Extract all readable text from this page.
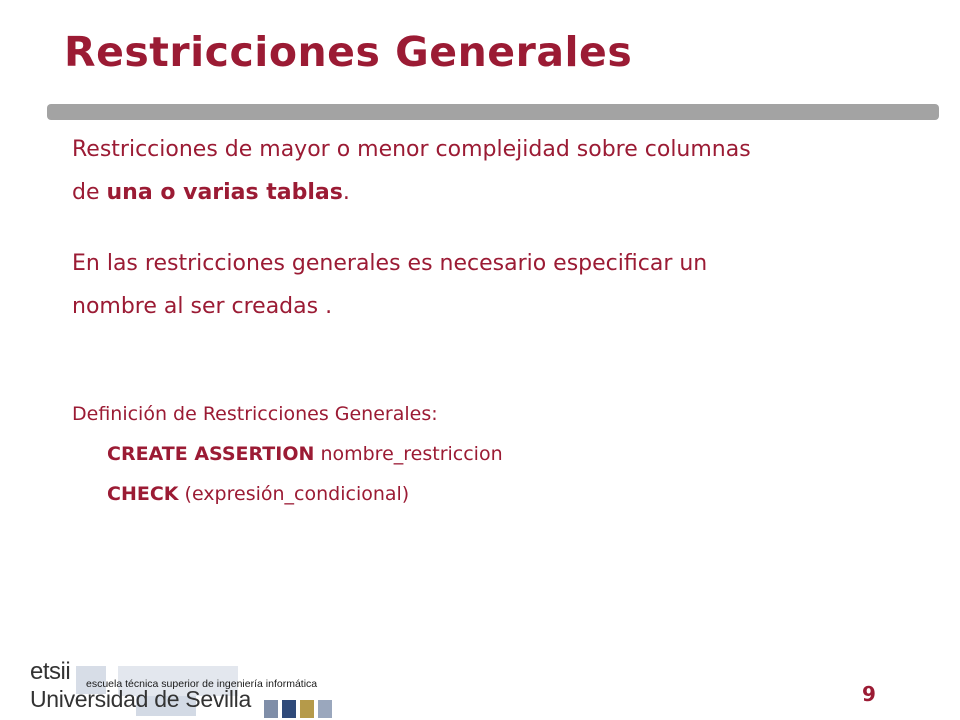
Restricciones Generales

Restricciones de mayor o menor complejidad sobre columnas
de una o varias tablas.

En las restricciones generales es necesario especificar un
nombre al ser creadas .

Definición de Restricciones Generales:
CREATE ASSERTION nombre_restriccion
CHECK (expresión_condicional)
etsii escuela técnica superior de ingeniería informática
Universidad de Sevilla	9
